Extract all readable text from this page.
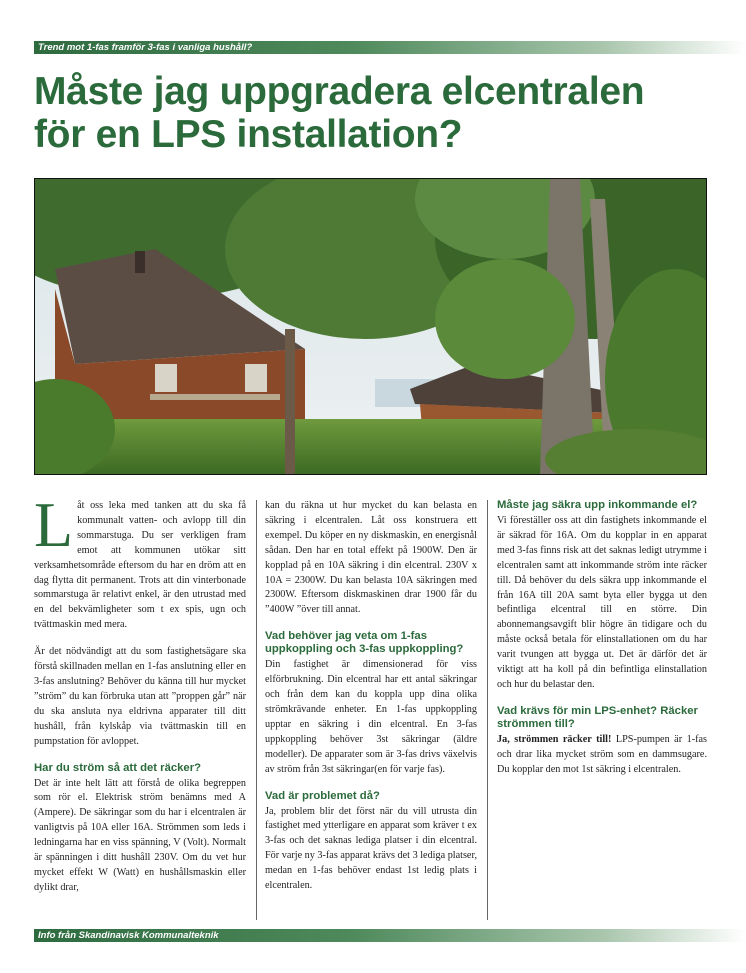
Trend mot 1-fas framför 3-fas i vanliga hushåll?
Måste jag uppgradera elcentralen
för en LPS installation?

Låt oss leka med tanken att du ska få kommunalt vatten- och avlopp till din sommarstuga. Du ser verkligen fram emot att kommunen utökar sitt verksamhetsområde eftersom du har en dröm att en dag flytta dit permanent. Trots att din vinterbonade sommarstuga är relativt enkel, är den utrustad med en del bekvämligheter som t ex spis, ugn och tvättmaskin med mera.

Är det nödvändigt att du som fastighetsägare ska förstå skillnaden mellan en 1-fas anslutning eller en 3-fas anslutning? Behöver du känna till hur mycket ”ström” du kan förbruka utan att ”proppen går” när du ska ansluta nya eldrivna apparater till ditt hushåll, från kylskåp via tvättmaskin till en pumpstation för avloppet.

Har du ström så att det räcker?

Det är inte helt lätt att förstå de olika begreppen som rör el. Elektrisk ström benämns med A (Ampere). De säkringar som du har i elcentralen är vanligtvis på 10A eller 16A. Strömmen som leds i ledningarna har en viss spänning, V (Volt). Normalt är spänningen i ditt hushåll 230V. Om du vet hur mycket effekt W (Watt) en hushållsmaskin eller dylikt drar,

kan du räkna ut hur mycket du kan belasta en säkring i elcentralen. Låt oss konstruera ett exempel. Du köper en ny diskmaskin, en energisnål sådan. Den har en total effekt på 1900W. Den är kopplad på en 10A säkring i din elcentral. 230V x 10A = 2300W. Du kan belasta 10A säkringen med 2300W. Eftersom diskmaskinen drar 1900 får du ”400W ”över till annat.

Vad behöver jag veta om 1-fas uppkoppling och 3-fas uppkoppling?

Din fastighet är dimensionerad för viss elförbrukning. Din elcentral har ett antal säkringar och från dem kan du koppla upp dina olika strömkrävande enheter. En 1-fas uppkoppling upptar en säkring i din elcentral. En 3-fas uppkoppling behöver 3st säkringar (äldre modeller). De apparater som är 3-fas drivs växelvis av ström från 3st säkringar(en för varje fas).

Vad är problemet då?

Ja, problem blir det först när du vill utrusta din fastighet med ytterligare en apparat som kräver t ex 3-fas och det saknas lediga platser i din elcentral. För varje ny 3-fas apparat krävs det 3 lediga platser, medan en 1-fas behöver endast 1st ledig plats i elcentralen.

Måste jag säkra upp inkommande el?

Vi föreställer oss att din fastighets inkommande el är säkrad för 16A. Om du kopplar in en apparat med 3-fas finns risk att det saknas ledigt utrymme i elcentralen samt att inkommande ström inte räcker till. Då behöver du dels säkra upp inkommande el från 16A till 20A samt byta eller bygga ut den befintliga elcentral till en större. Din abonnemangsavgift blir högre än tidigare och du måste också betala för elinstallationen om du har varit tvungen att bygga ut. Det är därför det är viktigt att ha koll på din befintliga elinstallation och hur du belastar den.

Vad krävs för min LPS-enhet? Räcker strömmen till?

Ja, strömmen räcker till! LPS-pumpen är 1-fas och drar lika mycket ström som en dammsugare. Du kopplar den mot 1st säkring i elcentralen.

Info från Skandinavisk Kommunalteknik
